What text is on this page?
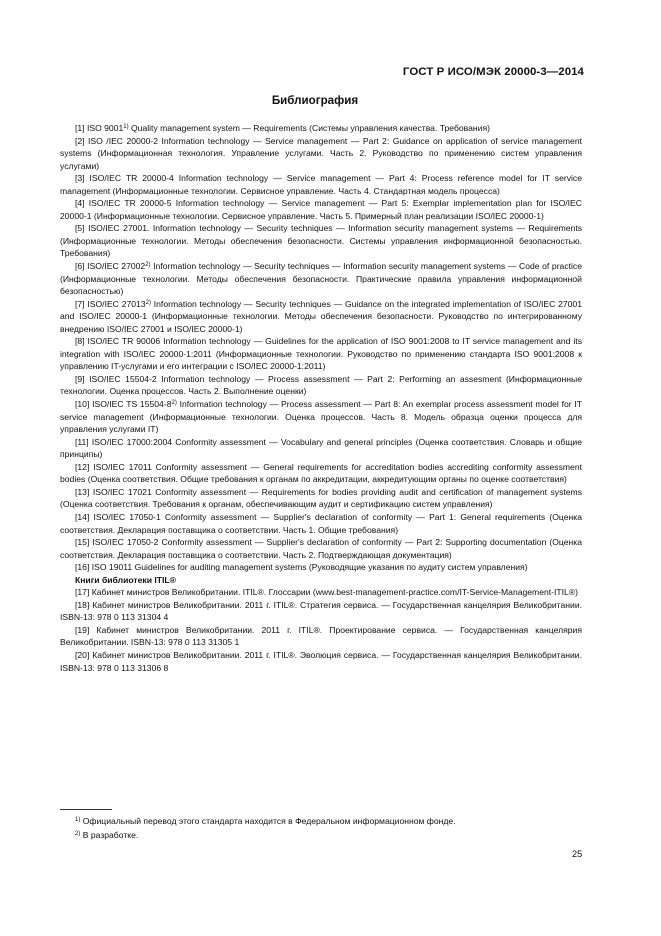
ГОСТ Р ИСО/МЭК 20000-3—2014
Библиография

[1] ISO 9001$^{1)}$ Quality management system — Requirements (Системы управления качества. Требования)

[2] ISO /IEC 20000-2 Information technology — Service management — Part 2: Guidance on application of service management systems (Информационная технология. Управление услугами. Часть 2. Руководство по применению систем управления услугами)

[3] ISO/IEC TR 20000-4 Information technology — Service management — Part 4: Process reference model for IT service management (Информационные технологии. Сервисное управление. Часть 4. Стандартная модель процесса)

[4] ISO/IEC TR 20000-5 Information technology — Service management — Part 5: Exemplar implementation plan for ISO/IEC 20000-1 (Информационные технологии. Сервисное управление. Часть 5. Примерный план реализации ISO/IEC 20000-1)

[5] ISO/IEC 27001. Information technology — Security techniques — Information security management systems — Requirements (Информационные технологии. Методы обеспечения безопасности. Системы управления информационной безопасностью. Требования)

[6] ISO/IEC 27002$^{2)}$ Information technology — Security techniques — Information security management systems — Code of practice (Информационные технологии. Методы обеспечения безопасности. Практические правила управления информационной безопасностью)

[7] ISO/IEC 27013$^{2)}$ Information technology — Security techniques — Guidance on the integrated implementation of ISO/IEC 27001 and ISO/IEC 20000-1 (Информационные технологии. Методы обеспечения безопасности. Руководство по интегрированному внедрению ISO/IEC 27001 и ISO/IEC 20000-1)

[8] ISO/IEC TR 90006 Information technology — Guidelines for the application of ISO 9001:2008 to IT service management and its integration with ISO/IEC 20000-1:2011 (Информационные технологии. Руководство по применению стандарта ISO 9001:2008 к управлению IT-услугами и его интеграции с ISO/IEC 20000-1:2011)

[9] ISO/IEC 15504-2 Information technology — Process assessment — Part 2: Performing an assesment (Информационные технологии. Оценка процессов. Часть 2. Выполнение оценки)

[10] ISO/IEC TS 15504-8$^{2)}$ Information technology — Process assessment — Part 8: An exemplar process assessment model for IT service management (Информационные технологии. Оценка процессов. Часть 8. Модель образца оценки процесса для управления услугами IT)

[11] ISO/IEC 17000:2004 Conformity assessment — Vocabulary and general principles (Оценка соответствия. Словарь и общие принципы)

[12] ISO/IEC 17011 Conformity assessment — General requirements for accreditation bodies accrediting conformity assessment bodies (Оценка соответствия. Общие требования к органам по аккредитации, аккредитующим органы по оценке соответствия)

[13] ISO/IEC 17021 Conformity assessment — Requirements for bodies providing audit and certification of management systems (Оценка соответствия. Требования к органам, обеспечивающим аудит и сертификацию систем управления)

[14] ISO/IEC 17050-1 Conformity assessment — Supplier's declaration of conformity — Part 1: General requirements (Оценка соответствия. Декларация поставщика о соответствии. Часть 1. Общие требования)

[15] ISO/IEC 17050-2 Conformity assessment — Supplier's declaration of conformity — Part 2: Supporting documentation (Оценка соответствия. Декларация поставщика о соответствии. Часть 2. Подтверждающая документация)

[16] ISO 19011 Guidelines for auditing management systems (Руководящие указания по аудиту систем управления)

Книги библиотеки ITIL®

[17] Кабинет министров Великобритании. ITIL®. Глоссарии (www.best-management-practice.com/IT-Service-Management-ITIL®)

[18] Кабинет министров Великобритании. 2011 г. ITIL®. Стратегия сервиса. — Государственная канцелярия Великобритании. ISBN-13: 978 0 113 31304 4

[19] Кабинет министров Великобритании. 2011 г. ITIL®. Проектирование сервиса. — Государственная канцелярия Великобритании. ISBN-13: 978 0 113 31305 1

[20] Кабинет министров Великобритании. 2011 г. ITIL®. Эволюция сервиса. — Государственная канцелярия Великобритании. ISBN-13: 978 0 113 31306 8

$^{1)}$ Официальный перевод этого стандарта находится в Федеральном информационном фонде.

$^{2)}$ В разработке.

25
